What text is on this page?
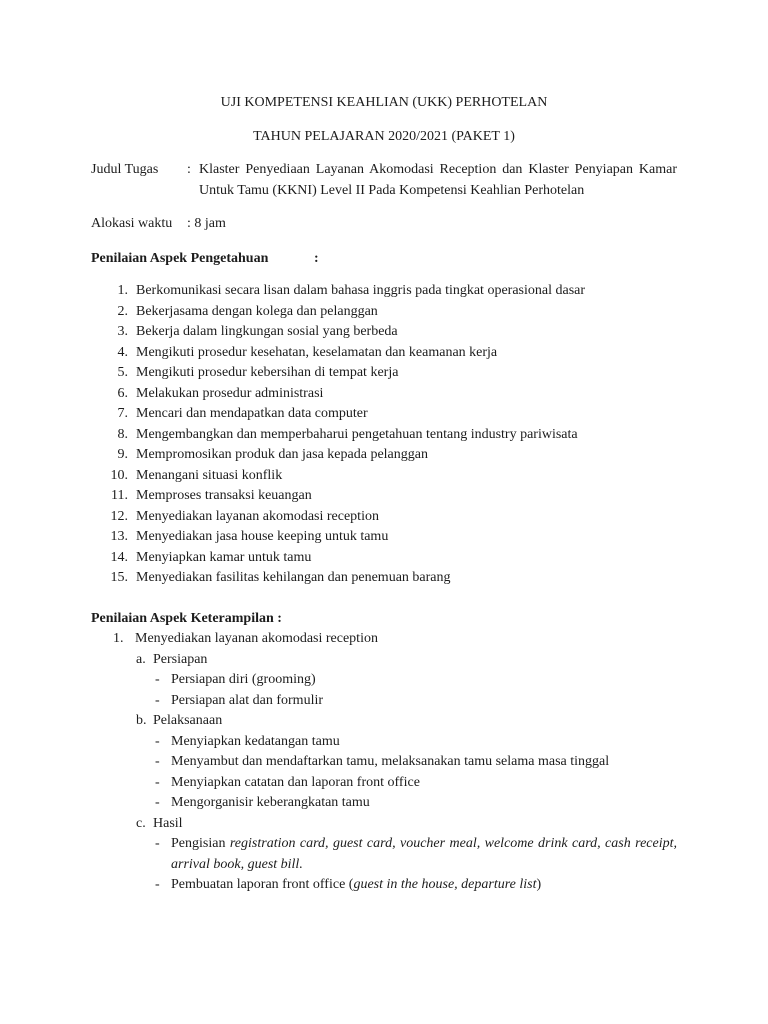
UJI KOMPETENSI KEAHLIAN (UKK) PERHOTELAN
TAHUN PELAJARAN 2020/2021 (PAKET 1)
Judul Tugas : Klaster Penyediaan Layanan Akomodasi Reception dan Klaster Penyiapan Kamar Untuk Tamu (KKNI) Level II Pada Kompetensi Keahlian Perhotelan
Alokasi waktu : 8 jam
Penilaian Aspek Pengetahuan	:
1. Berkomunikasi secara lisan dalam bahasa inggris pada tingkat operasional dasar
2. Bekerjasama dengan kolega dan pelanggan
3. Bekerja dalam lingkungan sosial yang berbeda
4. Mengikuti prosedur kesehatan, keselamatan dan keamanan kerja
5. Mengikuti prosedur kebersihan di tempat kerja
6. Melakukan prosedur administrasi
7. Mencari dan mendapatkan data computer
8. Mengembangkan dan memperbaharui pengetahuan tentang industry pariwisata
9. Mempromosikan produk dan jasa kepada pelanggan
10. Menangani situasi konflik
11. Memproses transaksi keuangan
12. Menyediakan layanan akomodasi reception
13. Menyediakan jasa house keeping untuk tamu
14. Menyiapkan kamar untuk tamu
15. Menyediakan fasilitas kehilangan dan penemuan barang
Penilaian Aspek Keterampilan :
1. Menyediakan layanan akomodasi reception
a. Persiapan
- Persiapan diri (grooming)
- Persiapan alat dan formulir
b. Pelaksanaan
- Menyiapkan kedatangan tamu
- Menyambut dan mendaftarkan tamu, melaksanakan tamu selama masa tinggal
- Menyiapkan catatan dan laporan front office
- Mengorganisir keberangkatan tamu
c. Hasil
- Pengisian registration card, guest card, voucher meal, welcome drink card, cash receipt, arrival book, guest bill.
- Pembuatan laporan front office (guest in the house, departure list)
